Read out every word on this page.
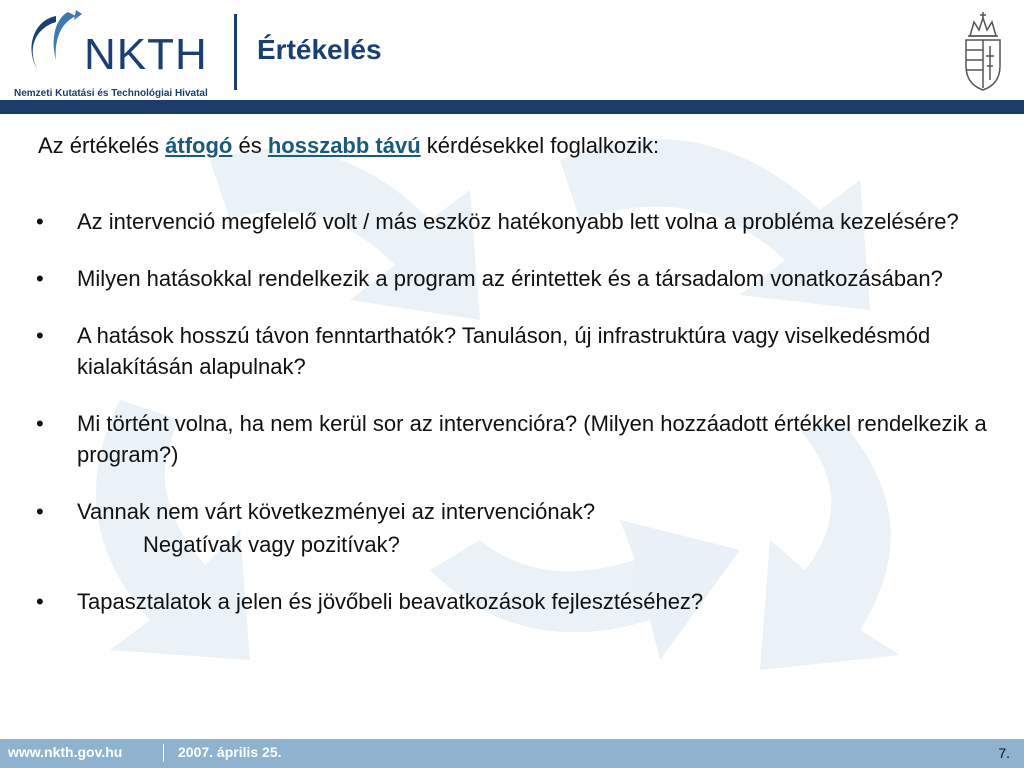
NKTH
Nemzeti Kutatási és Technológiai Hivatal
Értékelés
Az értékelés átfogó és hosszabb távú kérdésekkel foglalkozik:
• Az intervenció megfelelő volt / más eszköz hatékonyabb lett volna a probléma kezelésére?
• Milyen hatásokkal rendelkezik a program az érintettek és a társadalom vonatkozásában?
• A hatások hosszú távon fenntarthatók? Tanuláson, új infrastruktúra vagy viselkedésmód kialakításán alapulnak?
• Mi történt volna, ha nem kerül sor az intervencióra? (Milyen hozzáadott értékkel rendelkezik a program?)
• Vannak nem várt következményei az intervenciónak?
Negatívak vagy pozitívak?
• Tapasztalatok a jelen és jövőbeli beavatkozások fejlesztéséhez?
www.nkth.gov.hu	2007. április 25.	7.
